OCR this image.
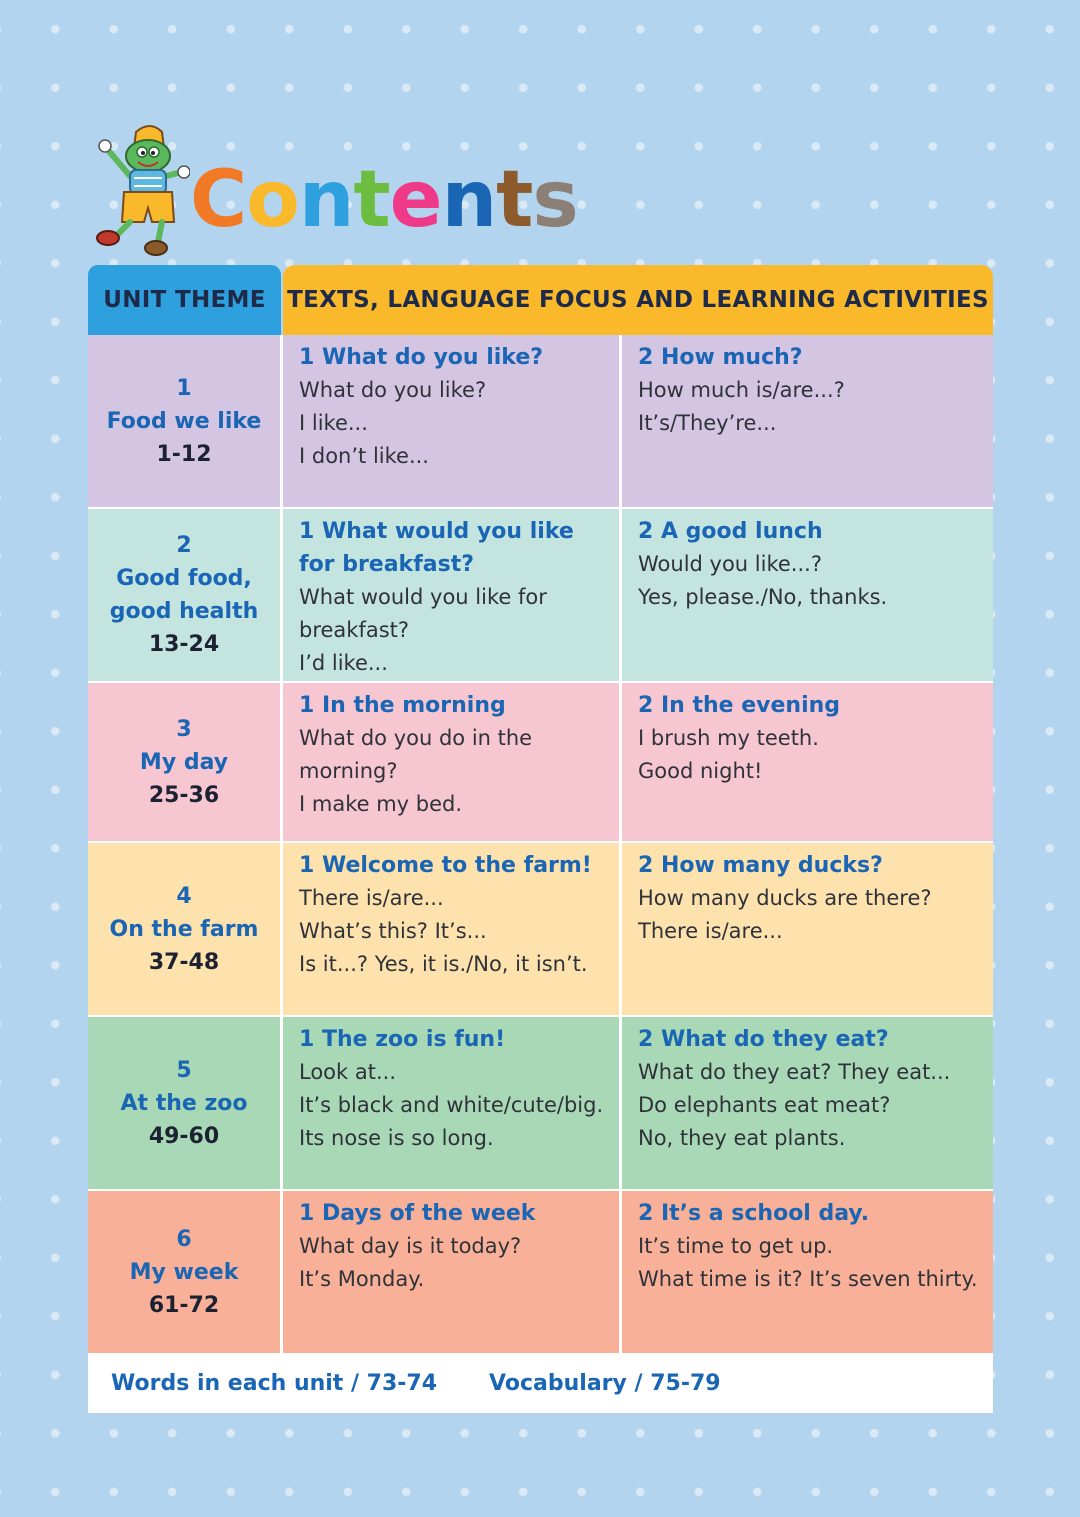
Contents
UNIT THEME TEXTS, LANGUAGE FOCUS AND LEARNING ACTIVITIES
1
Food we like
1-12
1 What do you like?
What do you like?
I like...
I don’t like...
2 How much?
How much is/are...?
It’s/They’re...
2
Good food, good health
13-24
1 What would you like for breakfast?
What would you like for breakfast?
I’d like...
2 A good lunch
Would you like...?
Yes, please./No, thanks.
3
My day
25-36
1 In the morning
What do you do in the morning?
I make my bed.
2 In the evening
I brush my teeth.
Good night!
4
On the farm
37-48
1 Welcome to the farm!
There is/are...
What’s this? It’s...
Is it...? Yes, it is./No, it isn’t.
2 How many ducks?
How many ducks are there?
There is/are...
5
At the zoo
49-60
1 The zoo is fun!
Look at...
It’s black and white/cute/big.
Its nose is so long.
2 What do they eat?
What do they eat? They eat...
Do elephants eat meat?
No, they eat plants.
6
My week
61-72
1 Days of the week
What day is it today?
It’s Monday.
2 It’s a school day.
It’s time to get up.
What time is it? It’s seven thirty.
Words in each unit / 73-74 Vocabulary / 75-79
